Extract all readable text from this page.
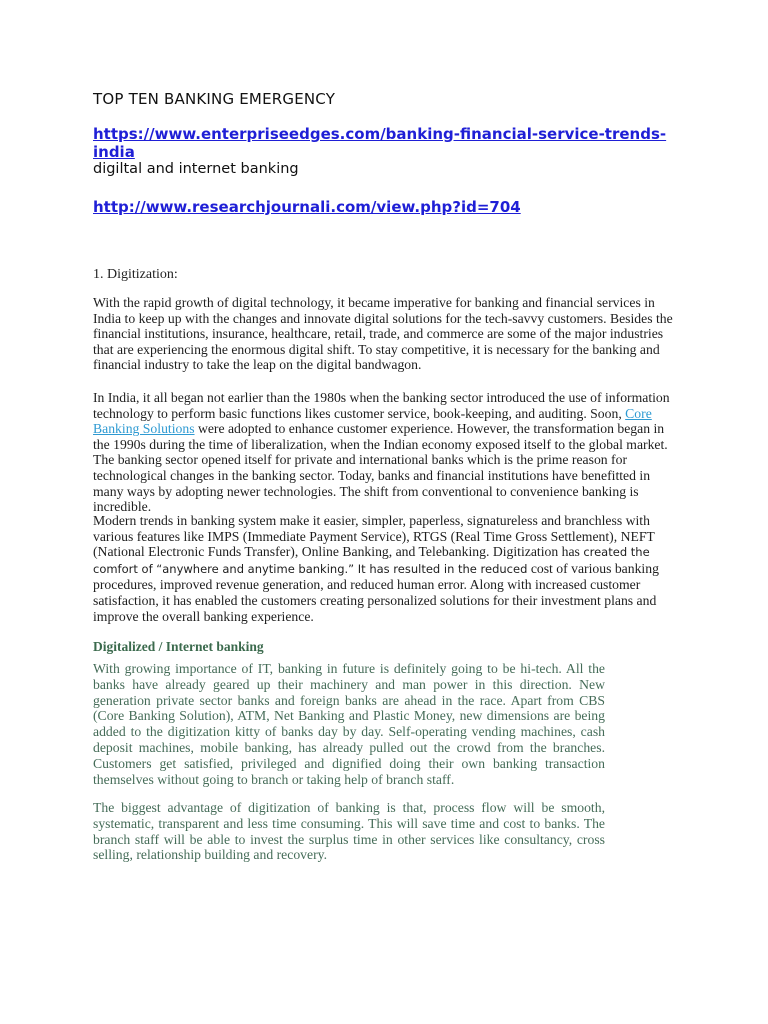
TOP TEN BANKING EMERGENCY

https://www.enterpriseedges.com/banking-financial-service-trends-india

digiltal and internet banking

http://www.researchjournali.com/view.php?id=704

1. Digitization:

With the rapid growth of digital technology, it became imperative for banking and financial services in India to keep up with the changes and innovate digital solutions for the tech-savvy customers. Besides the financial institutions, insurance, healthcare, retail, trade, and commerce are some of the major industries that are experiencing the enormous digital shift. To stay competitive, it is necessary for the banking and financial industry to take the leap on the digital bandwagon.

In India, it all began not earlier than the 1980s when the banking sector introduced the use of information technology to perform basic functions likes customer service, book-keeping, and auditing. Soon, Core Banking Solutions were adopted to enhance customer experience. However, the transformation began in the 1990s during the time of liberalization, when the Indian economy exposed itself to the global market. The banking sector opened itself for private and international banks which is the prime reason for technological changes in the banking sector. Today, banks and financial institutions have benefitted in many ways by adopting newer technologies. The shift from conventional to convenience banking is incredible.

Modern trends in banking system make it easier, simpler, paperless, signatureless and branchless with various features like IMPS (Immediate Payment Service), RTGS (Real Time Gross Settlement), NEFT (National Electronic Funds Transfer), Online Banking, and Telebanking. Digitization has created the comfort of “anywhere and anytime banking.” It has resulted in the reduced cost of various banking procedures, improved revenue generation, and reduced human error. Along with increased customer satisfaction, it has enabled the customers creating personalized solutions for their investment plans and improve the overall banking experience.

Digitalized / Internet banking

With growing importance of IT, banking in future is definitely going to be hi-tech. All the banks have already geared up their machinery and man power in this direction. New generation private sector banks and foreign banks are ahead in the race. Apart from CBS (Core Banking Solution), ATM, Net Banking and Plastic Money, new dimensions are being added to the digitization kitty of banks day by day. Self-operating vending machines, cash deposit machines, mobile banking, has already pulled out the crowd from the branches. Customers get satisfied, privileged and dignified doing their own banking transaction themselves without going to branch or taking help of branch staff.

The biggest advantage of digitization of banking is that, process flow will be smooth, systematic, transparent and less time consuming. This will save time and cost to banks. The branch staff will be able to invest the surplus time in other services like consultancy, cross selling, relationship building and recovery.
